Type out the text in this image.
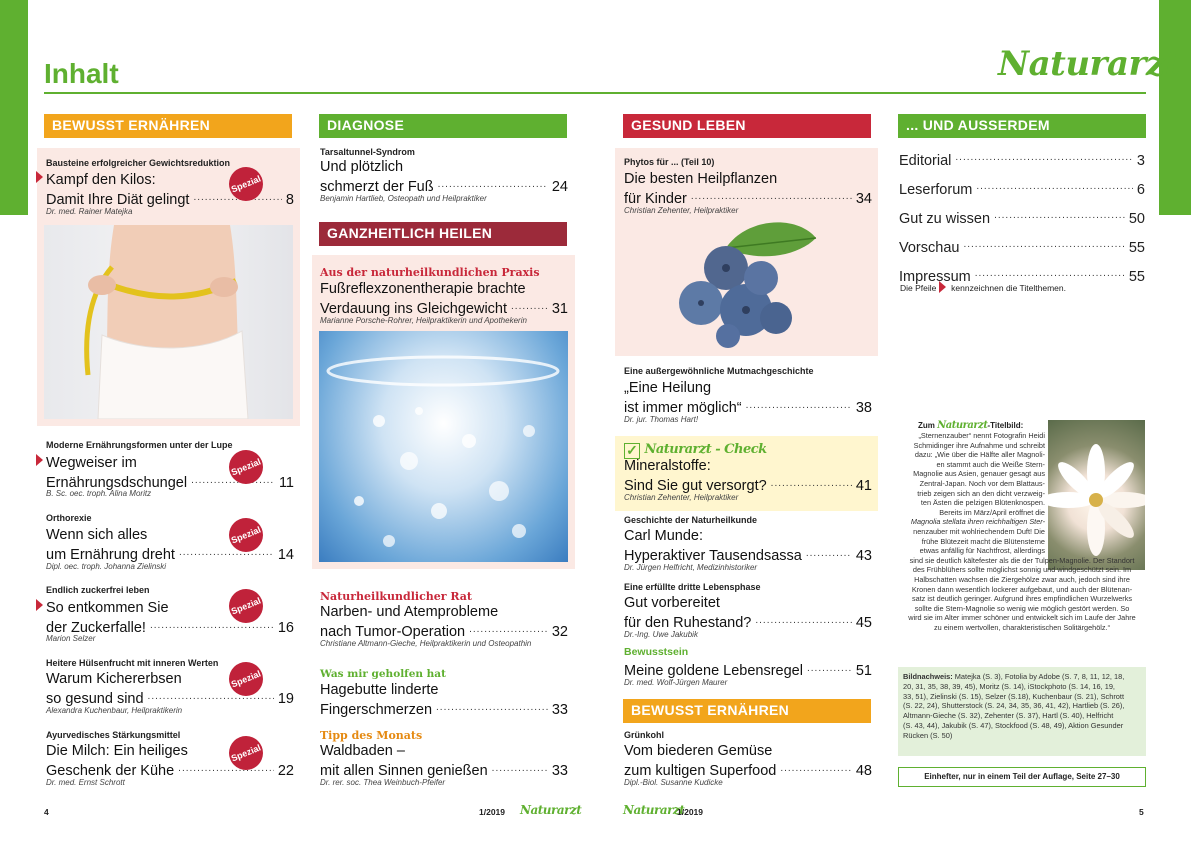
Inhalt	Naturarzt
BEWUSST ERNÄHREN
Bausteine erfolgreicher Gewichtsreduktion
Kampf den Kilos:
Damit Ihre Diät gelingt .....	8
Dr. med. Rainer Matejka
Spezial
Moderne Ernährungsformen unter der Lupe
Wegweiser im
Ernährungsdschungel .....	11
B. Sc. oec. troph. Alina Moritz
Spezial
Orthorexie
Wenn sich alles
um Ernährung dreht .....	14
Dipl. oec. troph. Johanna Zielinski
Spezial
Endlich zuckerfrei leben
So entkommen Sie
der Zuckerfalle! .....	16
Marion Selzer
Spezial
Heitere Hülsenfrucht mit inneren Werten
Warum Kichererbsen
so gesund sind .....	19
Alexandra Kuchenbaur, Heilpraktikerin
Spezial
Ayurvedisches Stärkungsmittel
Die Milch: Ein heiliges
Geschenk der Kühe .....	22
Dr. med. Ernst Schrott
Spezial
DIAGNOSE
Tarsaltunnel-Syndrom
Und plötzlich
schmerzt der Fuß .....	24
Benjamin Hartlieb, Osteopath und Heilpraktiker
GANZHEITLICH HEILEN
Aus der naturheilkundlichen Praxis
Fußreflexzonentherapie brachte
Verdauung ins Gleichgewicht .....	31
Marianne Porsche-Rohrer, Heilpraktikerin und Apothekerin
Naturheilkundlicher Rat
Narben- und Atemprobleme
nach Tumor-Operation .....	32
Christiane Altmann-Gieche, Heilpraktikerin und Osteopathin
Was mir geholfen hat
Hagebutte linderte
Fingerschmerzen .....	33
Tipp des Monats
Waldbaden –
mit allen Sinnen genießen .....	33
Dr. rer. soc. Thea Weinbuch-Pfeifer
GESUND LEBEN
Phytos für ... (Teil 10)
Die besten Heilpflanzen
für Kinder .....	34
Christian Zehenter, Heilpraktiker
Eine außergewöhnliche Mutmachgeschichte
„Eine Heilung
ist immer möglich“ .....	38
Dr. jur. Thomas Hart!
✓ Naturarzt - Check
Mineralstoffe:
Sind Sie gut versorgt? .....	41
Christian Zehenter, Heilpraktiker
Geschichte der Naturheilkunde
Carl Munde:
Hyperaktiver Tausendsassa .....	43
Dr. Jürgen Helfricht, Medizinhistoriker
Eine erfüllte dritte Lebensphase
Gut vorbereitet
für den Ruhestand? .....	45
Dr.-Ing. Uwe Jakubik
Bewusstsein
Meine goldene Lebensregel .....	51
Dr. med. Wolf-Jürgen Maurer
BEWUSST ERNÄHREN
Grünkohl
Vom biederen Gemüse
zum kultigen Superfood .....	48
Dipl.-Biol. Susanne Kudicke
... UND AUSSERDEM
Editorial .....	3
Leserforum .....	6
Gut zu wissen .....	50
Vorschau .....	55
Impressum .....	55
Die Pfeile kennzeichnen die Titelthemen.
Zum Naturarzt-Titelbild:
„Sternenzauber“ nennt Fotografin Heidi
Schmidinger ihre Aufnahme und schreibt
dazu: „Wie über die Hälfte aller Magnoli-
en stammt auch die Weiße Stern-
Magnolie aus Asien, genauer gesagt aus
Zentral-Japan. Noch vor dem Blattaus-
trieb zeigen sich an den dicht verzweig-
ten Ästen die pelzigen Blütenknospen.
Bereits im März/April eröffnet die
Magnolia stellata ihren reichhaltigen Ster-
nenzauber mit wohlriechendem Duft! Die
frühe Blütezeit macht die Blütensterne
etwas anfällig für Nachtfrost, allerdings
sind sie deutlich kältefester als die der Tulpen-Magnolie. Der Standort
des Frühblühers sollte möglichst sonnig und windgeschützt sein. Im
Halbschatten wachsen die Ziergehölze zwar auch, jedoch sind ihre
Kronen dann wesentlich lockerer aufgebaut, und auch der Blütenan-
satz ist deutlich geringer. Aufgrund ihres empfindlichen Wurzelwerks
sollte die Stern-Magnolie so wenig wie möglich gestört werden. So
wird sie im Alter immer schöner und entwickelt sich im Laufe der Jahre
zu einem wertvollen, charakteristischen Solitärgehölz.“
Bildnachweis: Matejka (S. 3), Fotolia by Adobe (S. 7, 8, 11, 12, 18,
20, 31, 35, 38, 39, 45), Moritz (S. 14), iStockphoto (S. 14, 16, 19,
33, 51), Zielinski (S. 15), Selzer (S.18), Kuchenbaur (S. 21), Schrott
(S. 22, 24), Shutterstock (S. 24, 34, 35, 36, 41, 42), Hartlieb (S. 26),
Altmann-Gieche (S. 32), Zehenter (S. 37), Hartl (S. 40), Helfricht
(S. 43, 44), Jakubik (S. 47), Stockfood (S. 48, 49), Aktion Gesunder
Rücken (S. 50)
Einhefter, nur in einem Teil der Auflage, Seite 27–30
4	1/2019 Naturarzt	Naturarzt
1/2019	5
